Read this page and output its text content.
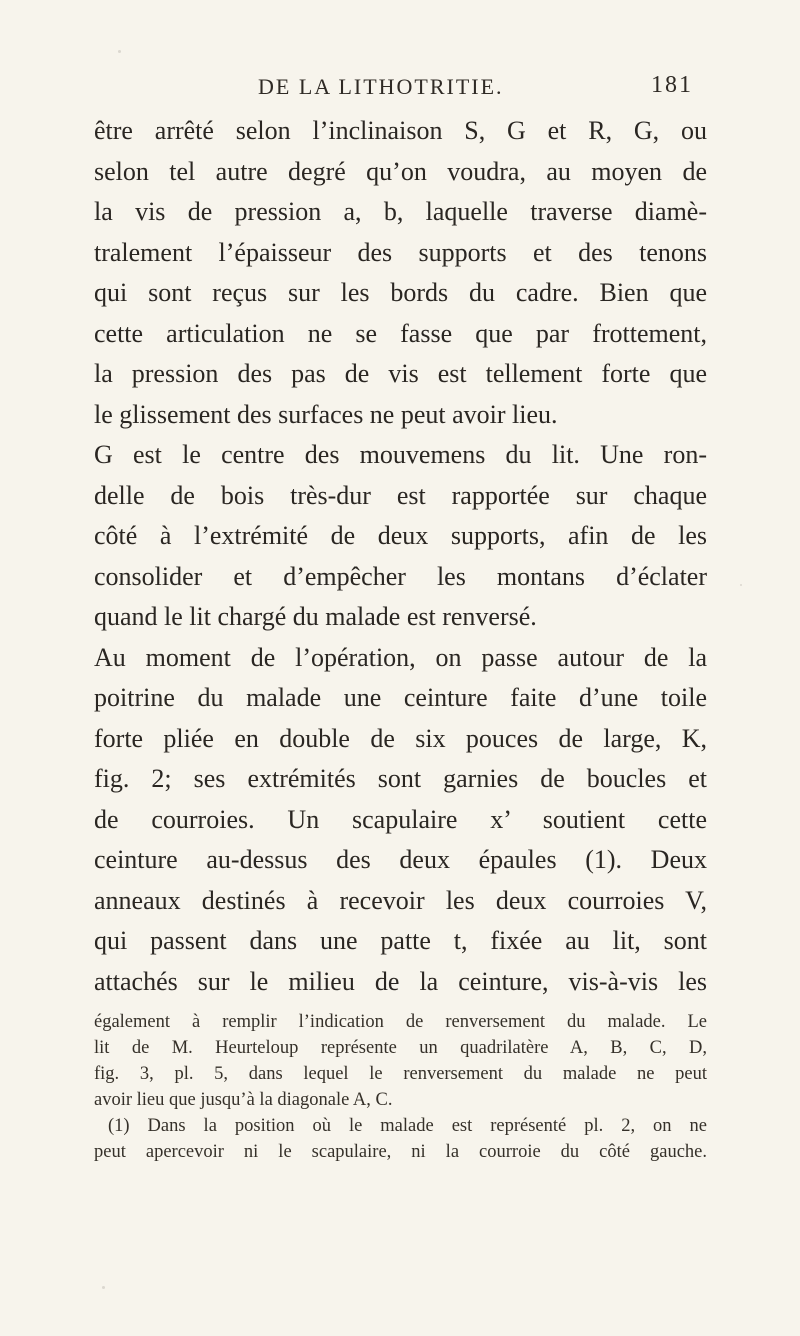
DE LA LITHOTRITIE.	181
être arrêté selon l’inclinaison S, G et R, G, ou
selon tel autre degré qu’on voudra, au moyen de
la vis de pression a, b, laquelle traverse diamè-
tralement l’épaisseur des supports et des tenons
qui sont reçus sur les bords du cadre. Bien que
cette articulation ne se fasse que par frottement,
la pression des pas de vis est tellement forte que
le glissement des surfaces ne peut avoir lieu.
G est le centre des mouvemens du lit. Une ron-
delle de bois très-dur est rapportée sur chaque
côté à l’extrémité de deux supports, afin de les
consolider et d’empêcher les montans d’éclater
quand le lit chargé du malade est renversé.
Au moment de l’opération, on passe autour de la
poitrine du malade une ceinture faite d’une toile
forte pliée en double de six pouces de large, K,
fig. 2; ses extrémités sont garnies de boucles et
de courroies. Un scapulaire x’ soutient cette
ceinture au-dessus des deux épaules (1). Deux
anneaux destinés à recevoir les deux courroies V,
qui passent dans une patte t, fixée au lit, sont
attachés sur le milieu de la ceinture, vis-à-vis les
également à remplir l’indication de renversement du malade. Le
lit de M. Heurteloup représente un quadrilatère A, B, C, D,
fig. 3, pl. 5, dans lequel le renversement du malade ne peut
avoir lieu que jusqu’à la diagonale A, C.
(1) Dans la position où le malade est représenté pl. 2, on ne
peut apercevoir ni le scapulaire, ni la courroie du côté gauche.
